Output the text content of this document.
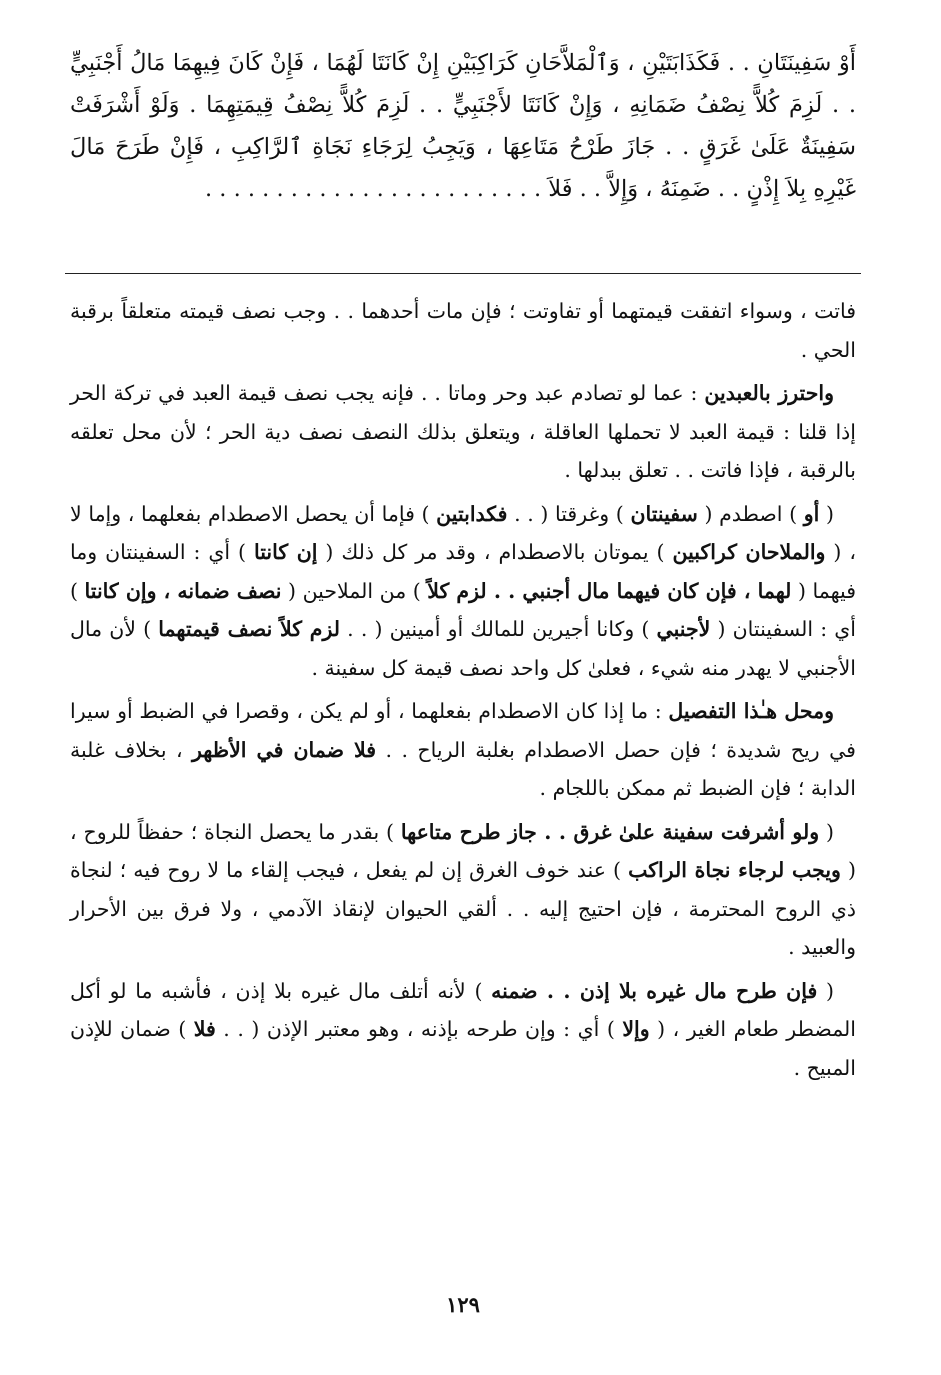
أَوْ سَفِينَتَانِ . . فَكَذَابَتَيْنِ ، وَٱلْمَلاَّحَانِ كَرَاكِبَيْنِ إِنْ كَانَتَا لَهُمَا ، فَإِنْ كَانَ فِيهِمَا مَالُ أَجْنَبِيٍّ . . لَزِمَ كُلاًّ نِصْفُ ضَمَانِهِ ، وَإِنْ كَانَتَا لأَجْنَبِيٍّ . . لَزِمَ كُلاًّ نِصْفُ قِيمَتِهِمَا . وَلَوْ أَشْرَفَتْ سَفِينَةٌ عَلَىٰ غَرَقٍ . . جَازَ طَرْحُ مَتَاعِهَا ، وَيَجِبُ لِرَجَاءِ نَجَاةِ ٱلرَّاكِبِ ، فَإِنْ طَرَحَ مَالَ غَيْرِهِ بِلاَ إِذْنٍ . . ضَمِنَهُ ، وَإِلاَّ . . فَلاَ . . . . . . . . . . . . . . . . . . . . . . . .

فاتت ، وسواء اتفقت قيمتهما أو تفاوتت ؛ فإن مات أحدهما . . وجب نصف قيمته متعلقاً برقبة الحي .

واحترز بالعبدين : عما لو تصادم عبد وحر وماتا . . فإنه يجب نصف قيمة العبد في تركة الحر إذا قلنا : قيمة العبد لا تحملها العاقلة ، ويتعلق بذلك النصف نصف دية الحر ؛ لأن محل تعلقه بالرقبة ، فإذا فاتت . . تعلق ببدلها .

( أو ) اصطدم ( سفينتان ) وغرقتا ( . . فكدابتين ) فإما أن يحصل الاصطدام بفعلهما ، وإما لا ، ( والملاحان كراكبين ) يموتان بالاصطدام ، وقد مر كل ذلك ( إن كانتا ) أي : السفينتان وما فيهما ( لهما ، فإن كان فيهما مال أجنبي . . لزم كلاً ) من الملاحين ( نصف ضمانه ، وإن كانتا ) أي : السفينتان ( لأجنبي ) وكانا أجيرين للمالك أو أمينين ( . . لزم كلاً نصف قيمتهما ) لأن مال الأجنبي لا يهدر منه شيء ، فعلىٰ كل واحد نصف قيمة كل سفينة .

ومحل هـٰذا التفصيل : ما إذا كان الاصطدام بفعلهما ، أو لم يكن ، وقصرا في الضبط أو سيرا في ريح شديدة ؛ فإن حصل الاصطدام بغلبة الرياح . . فلا ضمان في الأظهر ، بخلاف غلبة الدابة ؛ فإن الضبط ثم ممكن باللجام .

( ولو أشرفت سفينة علىٰ غرق . . جاز طرح متاعها ) بقدر ما يحصل النجاة ؛ حفظاً للروح ، ( ويجب لرجاء نجاة الراكب ) عند خوف الغرق إن لم يفعل ، فيجب إلقاء ما لا روح فيه ؛ لنجاة ذي الروح المحترمة ، فإن احتيج إليه . . ألقي الحيوان لإنقاذ الآدمي ، ولا فرق بين الأحرار والعبيد .

( فإن طرح مال غيره بلا إذن . . ضمنه ) لأنه أتلف مال غيره بلا إذن ، فأشبه ما لو أكل المضطر طعام الغير ، ( وإلا ) أي : وإن طرحه بإذنه ، وهو معتبر الإذن ( . . فلا ) ضمان للإذن المبيح .

١٢٩
